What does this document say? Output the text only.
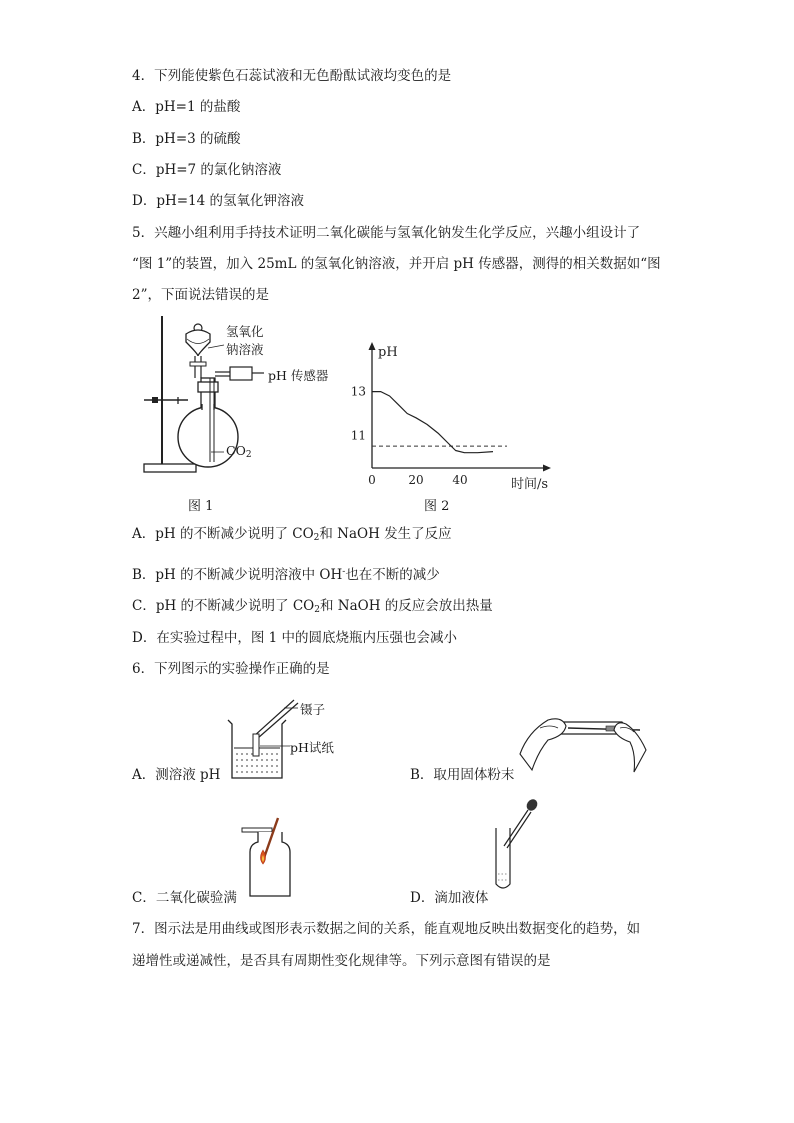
4．下列能使紫色石蕊试液和无色酚酞试液均变色的是
A．pH=1 的盐酸
B．pH=3 的硫酸
C．pH=7 的氯化钠溶液
D．pH=14 的氢氧化钾溶液
5．兴趣小组利用手持技术证明二氧化碳能与氢氧化钠发生化学反应，兴趣小组设计了
“图 1”的装置，加入 25mL 的氢氧化钠溶液，并开启 pH 传感器，测得的相关数据如“图
2”，下面说法错误的是
氢氧化
钠溶液
pH 传感器
$CO_2$
图 1
pH
时间/s
0	20 40
11
13
图 2
A．pH 的不断减少说明了 $CO_2$和 NaOH 发生了反应
B．pH 的不断减少说明溶液中 OH-也在不断的减少
C．pH 的不断减少说明了 $CO_2$和 NaOH 的反应会放出热量
D．在实验过程中，图 1 中的圆底烧瓶内压强也会减小
6．下列图示的实验操作正确的是
镊子
pH试纸
A．测溶液 pH	B．取用固体粉末
C．二氧化碳验满	D．滴加液体
7．图示法是用曲线或图形表示数据之间的关系，能直观地反映出数据变化的趋势，如
递增性或递减性，是否具有周期性变化规律等。下列示意图有错误的是
